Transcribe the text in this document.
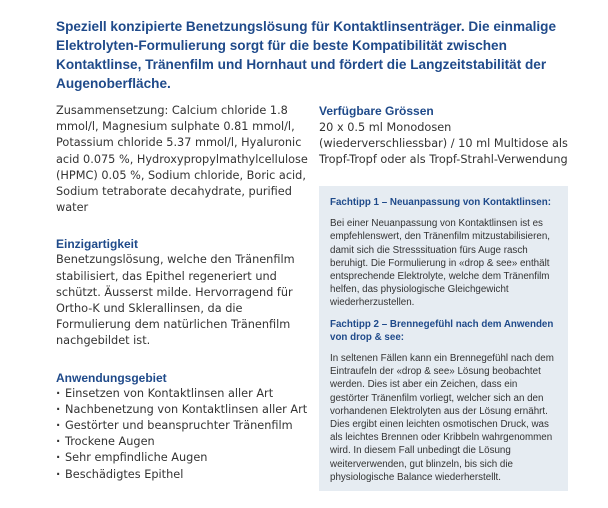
Speziell konzipierte Benetzungslösung für Kontaktlinsenträger. Die einmalige Elektrolyten-Formulierung sorgt für die beste Kompatibilität zwischen Kontaktlinse, Tränenfilm und Hornhaut und fördert die Langzeitstabilität der Augenoberfläche.

Zusammensetzung: Calcium chloride 1.8 mmol/l, Magnesium sulphate 0.81 mmol/l, Potassium chloride 5.37 mmol/l, Hyaluronic acid 0.075 %, Hydroxypropylmathylcellulose (HPMC) 0.05 %, Sodium chloride, Boric acid, Sodium tetraborate decahydrate, purified water

Einzigartigkeit

Benetzungslösung, welche den Tränenfilm stabilisiert, das Epithel regeneriert und schützt. Äusserst milde. Hervorragend für Ortho-K und Sklerallinsen, da die Formulierung dem natürlichen Tränenfilm nachgebildet ist.

Anwendungsgebiet
· Einsetzen von Kontaktlinsen aller Art
· Nachbenetzung von Kontaktlinsen aller Art
· Gestörter und beanspruchter Tränenfilm
· Trockene Augen
· Sehr empfindliche Augen
· Beschädigtes Epithel
Verfügbare Grössen

20 x 0.5 ml Monodosen (wiederverschliessbar) / 10 ml Multidose als Tropf-Tropf oder als Tropf-Strahl-Verwendung

Fachtipp 1 – Neuanpassung von Kontaktlinsen:

Bei einer Neuanpassung von Kontaktlinsen ist es empfehlenswert, den Tränenfilm mitzustabilisieren, damit sich die Stresssituation fürs Auge rasch beruhigt. Die Formulierung in «drop & see» enthält entsprechende Elektrolyte, welche dem Tränenfilm helfen, das physiologische Gleichgewicht wiederherzustellen.

Fachtipp 2 – Brennegefühl nach dem Anwenden von drop & see:

In seltenen Fällen kann ein Brennegefühl nach dem Eintraufeln der «drop & see» Lösung beobachtet werden. Dies ist aber ein Zeichen, dass ein gestörter Tränenfilm vorliegt, welcher sich an den vorhandenen Elektrolyten aus der Lösung ernährt. Dies ergibt einen leichten osmotischen Druck, was als leichtes Brennen oder Kribbeln wahrgenommen wird. In diesem Fall unbedingt die Lösung weiterverwenden, gut blinzeln, bis sich die physiologische Balance wiederherstellt.
